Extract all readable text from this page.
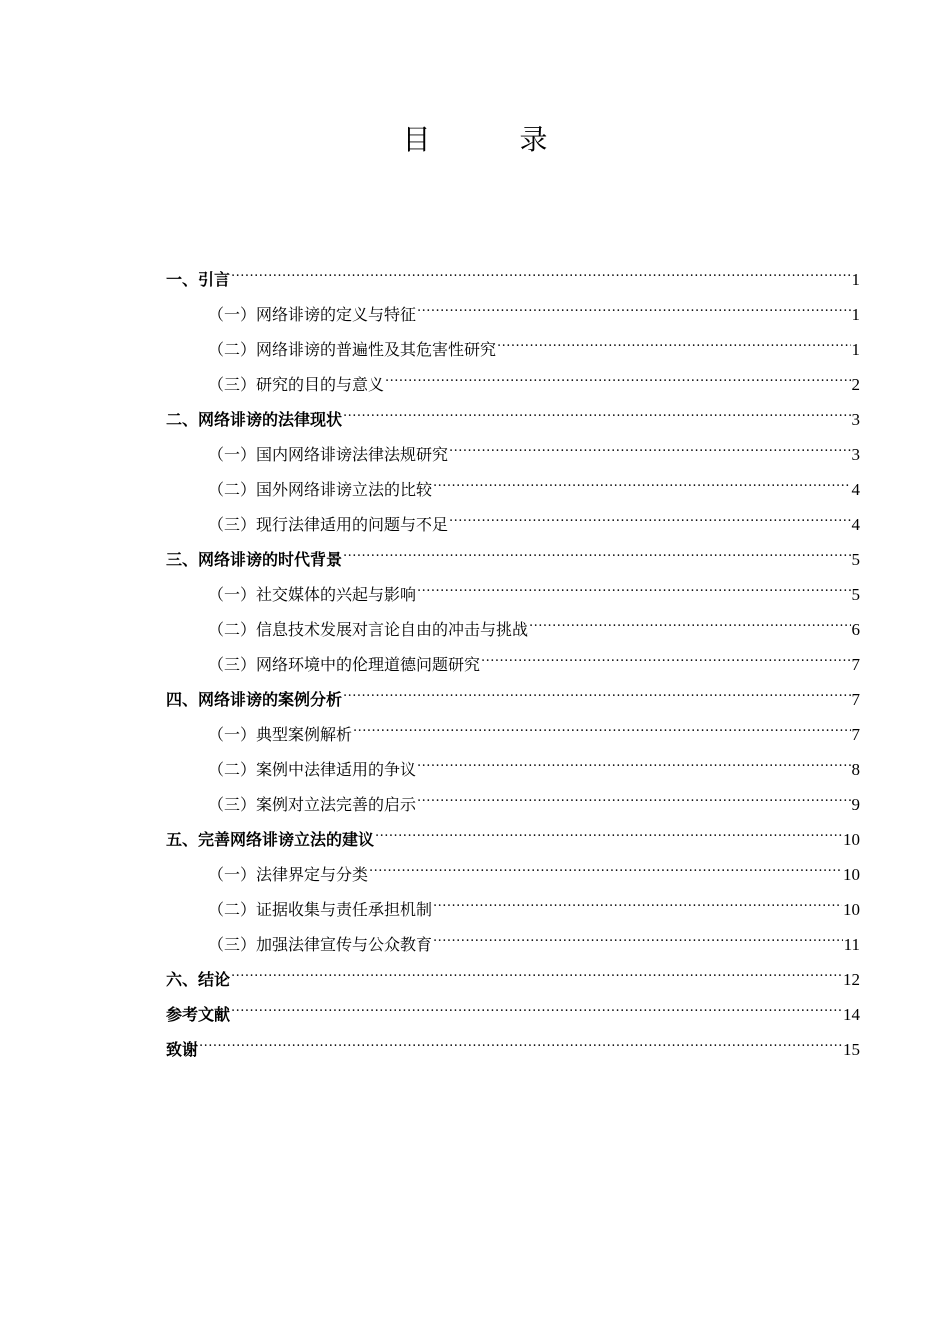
目 录
一、引言 .....	1
（一）网络诽谤的定义与特征 .....	1
（二）网络诽谤的普遍性及其危害性研究 .....	1
（三）研究的目的与意义 .....	2
二、网络诽谤的法律现状 .....	3
（一）国内网络诽谤法律法规研究 .....	3
（二）国外网络诽谤立法的比较 .....	4
（三）现行法律适用的问题与不足 .....	4
三、网络诽谤的时代背景 .....	5
（一）社交媒体的兴起与影响 .....	5
（二）信息技术发展对言论自由的冲击与挑战 .....	6
（三）网络环境中的伦理道德问题研究 .....	7
四、网络诽谤的案例分析 .....	7
（一）典型案例解析 .....	7
（二）案例中法律适用的争议 .....	8
（三）案例对立法完善的启示 .....	9
五、完善网络诽谤立法的建议 .....	10
（一）法律界定与分类 .....	10
（二）证据收集与责任承担机制 .....	10
（三）加强法律宣传与公众教育 .....	11
六、结论 .....	12
参考文献 .....	14
致谢 .....	15
